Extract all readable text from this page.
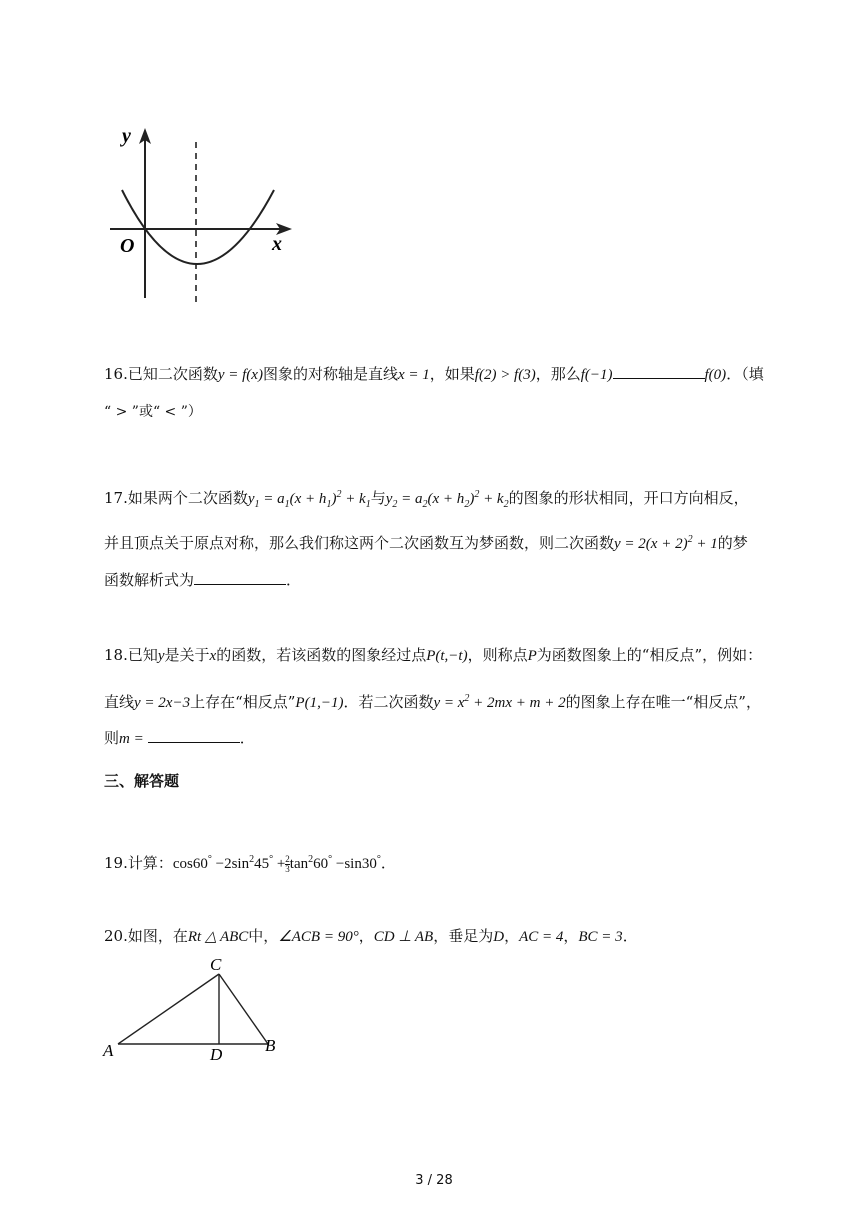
y
x
O
16.已知二次函数y = f(x)图象的对称轴是直线x = 1，如果f(2) > f(3)，那么f(−1)	f(0)．（填
“ > ”或“ < ”）
17.如果两个二次函数$y_1 = a_1(x + h_1)^2 + k_1$与$y_2 = a_2(x + h_2)^2 + k_2$的图象的形状相同，开口方向相反，
并且顶点关于原点对称，那么我们称这两个二次函数互为梦函数，则二次函数$y = 2(x + 2)^2 + 1$的梦
函数解析式为	．
18.已知y是关于x的函数，若该函数的图象经过点P(t,−t)，则称点P为函数图象上的“相反点”，例如：
直线y = 2x−3上存在“相反点”P(1,−1)．若二次函数$y = x^2 + 2mx + m + 2$的图象上存在唯一“相反点”，
则m =	．
三、解答题
19.计算：$\cos 60^\circ -2\sin^245^\circ + \frac{2}{3} \tan^260^\circ -\sin 30^\circ$．
20.如图，在Rt △ ABC中，∠ACB = 90°，CD ⊥ AB，垂足为D，AC = 4，BC = 3．
A	B
C
D
3 / 28
